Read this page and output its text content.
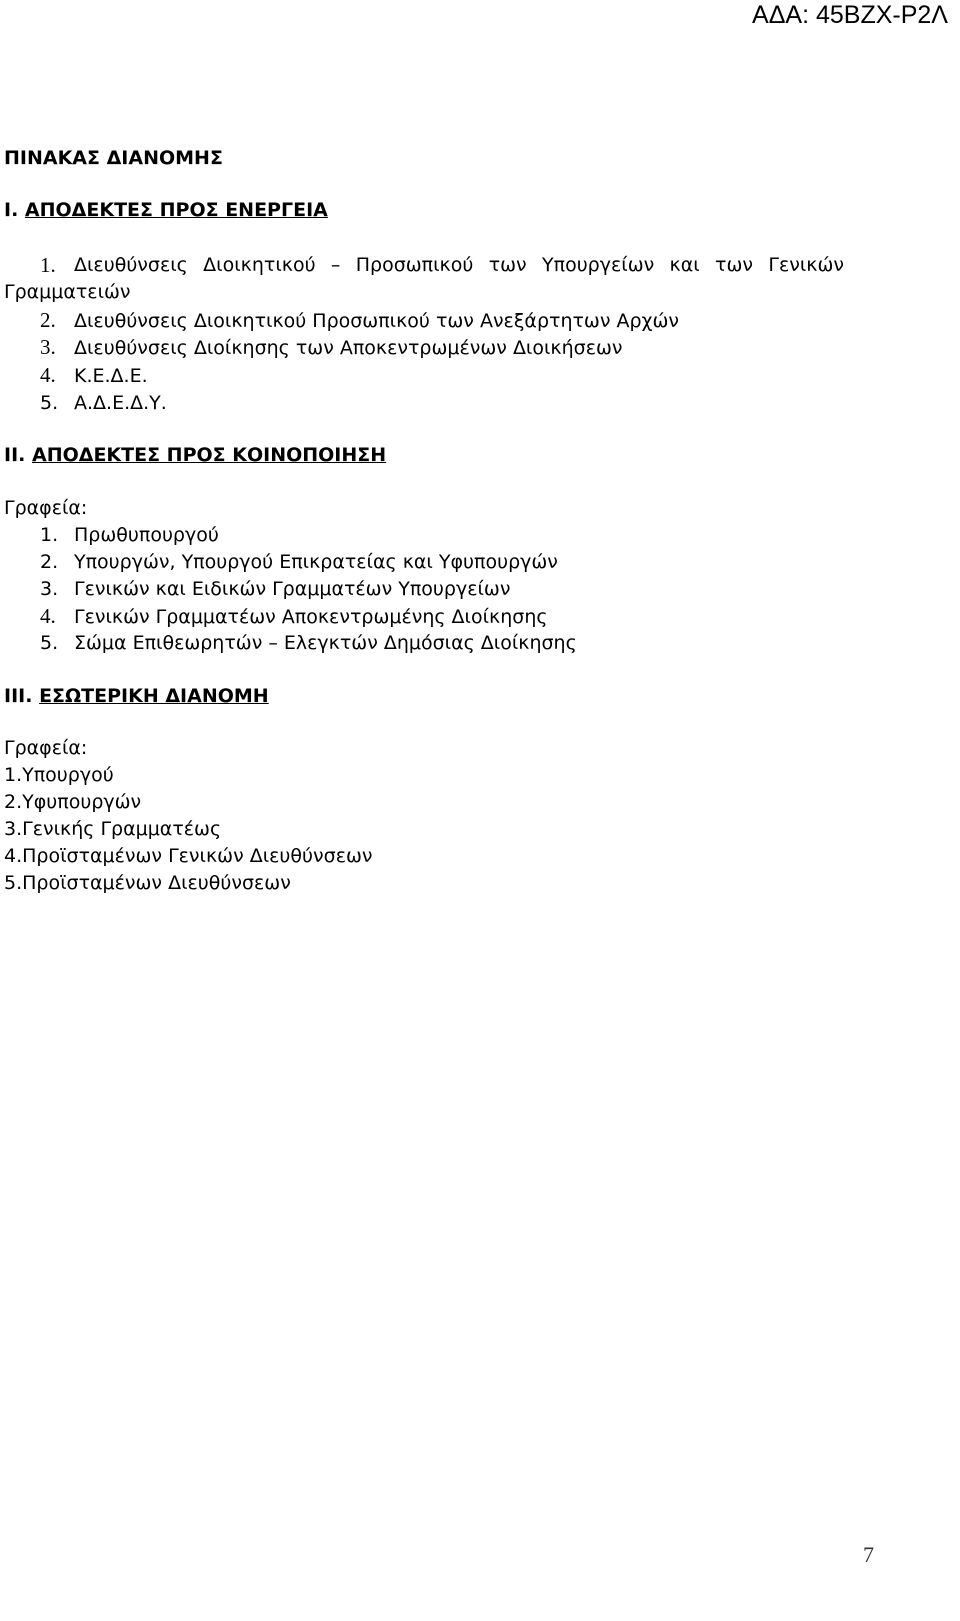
ΑΔΑ: 45ΒΖΧ-Ρ2Λ
ΠΙΝΑΚΑΣ ΔΙΑΝΟΜΗΣ
Ι. ΑΠΟΔΕΚΤΕΣ ΠΡΟΣ ΕΝΕΡΓΕΙΑ
1. Διευθύνσεις Διοικητικού – Προσωπικού των Υπουργείων και των Γενικών
Γραμματειών
2. Διευθύνσεις Διοικητικού Προσωπικού των Ανεξάρτητων Αρχών
3. Διευθύνσεις Διοίκησης των Αποκεντρωμένων Διοικήσεων
4. Κ.Ε.Δ.Ε.
5. Α.Δ.Ε.Δ.Υ.
ΙΙ. ΑΠΟΔΕΚΤΕΣ ΠΡΟΣ ΚΟΙΝΟΠΟΙΗΣΗ
Γραφεία:
1. Πρωθυπουργού
2. Υπουργών, Υπουργού Επικρατείας και Υφυπουργών
3. Γενικών και Ειδικών Γραμματέων Υπουργείων
4. Γενικών Γραμματέων Αποκεντρωμένης Διοίκησης
5. Σώμα Επιθεωρητών – Ελεγκτών Δημόσιας Διοίκησης
ΙΙΙ. ΕΣΩΤΕΡΙΚΗ ΔΙΑΝΟΜΗ
Γραφεία:
1.Υπουργού
2.Υφυπουργών
3.Γενικής Γραμματέως
4.Προϊσταμένων Γενικών Διευθύνσεων
5.Προϊσταμένων Διευθύνσεων
7
